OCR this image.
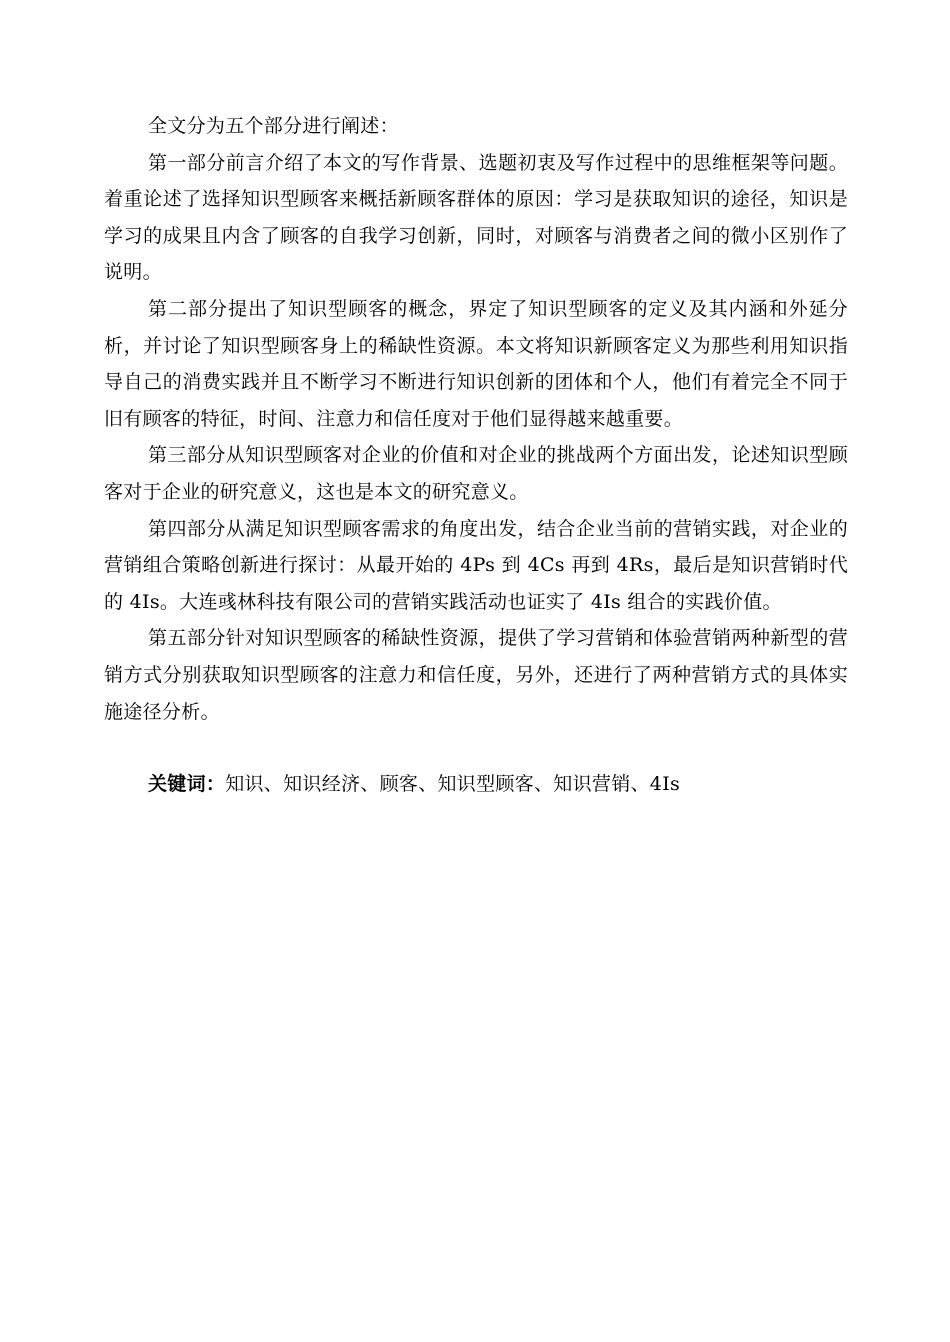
全文分为五个部分进行阐述：

第一部分前言介绍了本文的写作背景、选题初衷及写作过程中的思维框架等问题。着重论述了选择知识型顾客来概括新顾客群体的原因：学习是获取知识的途径，知识是学习的成果且内含了顾客的自我学习创新，同时，对顾客与消费者之间的微小区别作了说明。

第二部分提出了知识型顾客的概念，界定了知识型顾客的定义及其内涵和外延分析，并讨论了知识型顾客身上的稀缺性资源。本文将知识新顾客定义为那些利用知识指导自己的消费实践并且不断学习不断进行知识创新的团体和个人，他们有着完全不同于旧有顾客的特征，时间、注意力和信任度对于他们显得越来越重要。

第三部分从知识型顾客对企业的价值和对企业的挑战两个方面出发，论述知识型顾客对于企业的研究意义，这也是本文的研究意义。

第四部分从满足知识型顾客需求的角度出发，结合企业当前的营销实践，对企业的营销组合策略创新进行探讨：从最开始的 4Ps 到 4Cs 再到 4Rs，最后是知识营销时代的 4Is。大连彧林科技有限公司的营销实践活动也证实了 4Is 组合的实践价值。

第五部分针对知识型顾客的稀缺性资源，提供了学习营销和体验营销两种新型的营销方式分别获取知识型顾客的注意力和信任度，另外，还进行了两种营销方式的具体实施途径分析。

关键词：知识、知识经济、顾客、知识型顾客、知识营销、4Is
